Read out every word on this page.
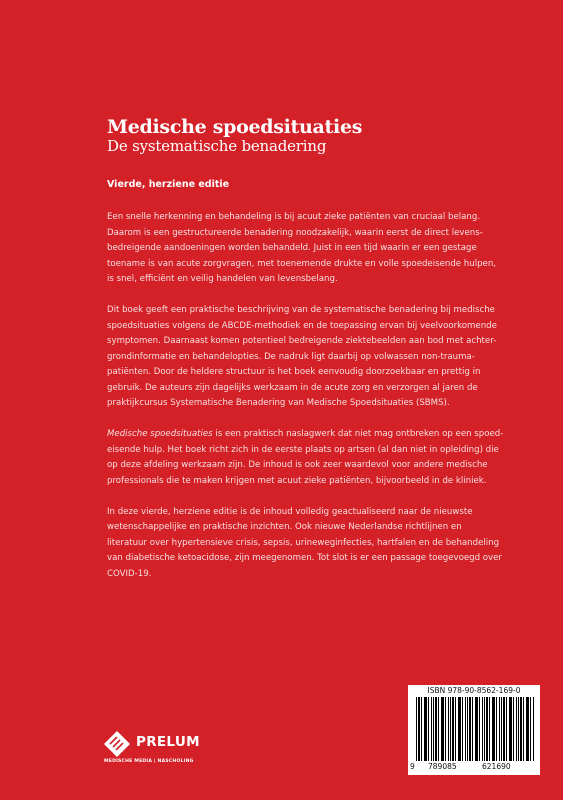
Medische spoedsituaties
De systematische benadering
Vierde, herziene editie

Een snelle herkenning en behandeling is bij acuut zieke patiënten van cruciaal belang.
Daarom is een gestructureerde benadering noodzakelijk, waarin eerst de direct levens-
bedreigende aandoeningen worden behandeld. Juist in een tijd waarin er een gestage
toename is van acute zorgvragen, met toenemende drukte en volle spoedeisende hulpen,
is snel, efficiënt en veilig handelen van levensbelang.

Dit boek geeft een praktische beschrijving van de systematische benadering bij medische
spoedsituaties volgens de ABCDE-methodiek en de toepassing ervan bij veelvoorkomende
symptomen. Daarnaast komen potentieel bedreigende ziektebeelden aan bod met achter-
grondinformatie en behandelopties. De nadruk ligt daarbij op volwassen non-trauma-
patiënten. Door de heldere structuur is het boek eenvoudig doorzoekbaar en prettig in
gebruik. De auteurs zijn dagelijks werkzaam in de acute zorg en verzorgen al jaren de
praktijkcursus Systematische Benadering van Medische Spoedsituaties (SBMS).

Medische spoedsituaties is een praktisch naslagwerk dat niet mag ontbreken op een spoed-
eisende hulp. Het boek richt zich in de eerste plaats op artsen (al dan niet in opleiding) die
op deze afdeling werkzaam zijn. De inhoud is ook zeer waardevol voor andere medische
professionals die te maken krijgen met acuut zieke patiënten, bijvoorbeeld in de kliniek.

In deze vierde, herziene editie is de inhoud volledig geactualiseerd naar de nieuwste
wetenschappelijke en praktische inzichten. Ook nieuwe Nederlandse richtlijnen en
literatuur over hypertensieve crisis, sepsis, urineweginfecties, hartfalen en de behandeling
van diabetische ketoacidose, zijn meegenomen. Tot slot is er een passage toegevoegd over
COVID-19.

ISBN 978-90-8562-169-0
9 789085	621690
PRELUM
MEDISCHE MEDIA | NASCHOLING
